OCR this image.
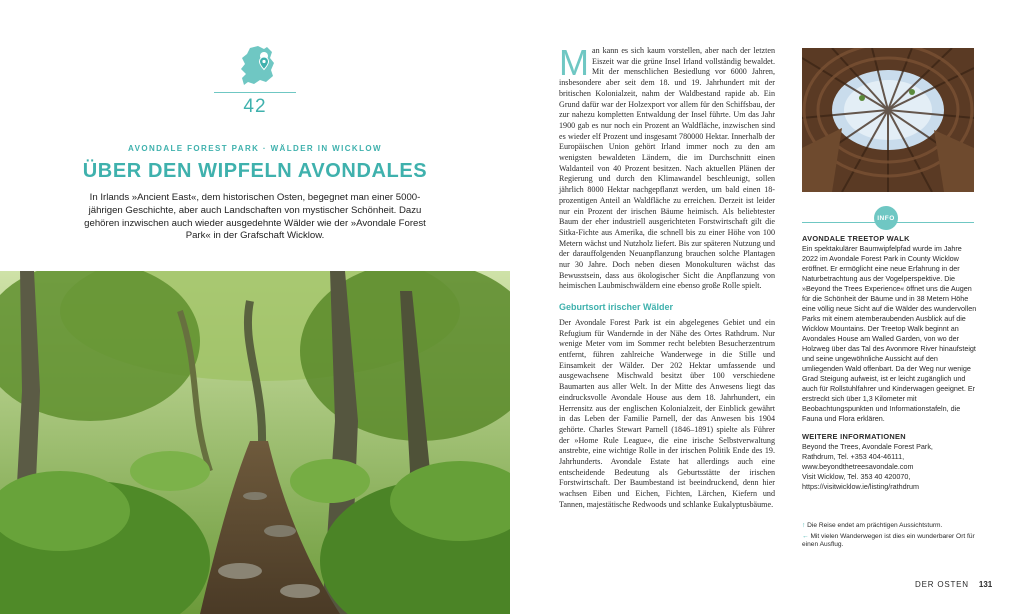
42
AVONDALE FOREST PARK · WÄLDER IN WICKLOW
ÜBER DEN WIPFELN AVONDALES
In Irlands »Ancient East«, dem historischen Osten, begegnet man einer 5000-jährigen Geschichte, aber auch Landschaften von mystischer Schönheit. Dazu gehören inzwischen auch wieder ausgedehnte Wälder wie der »Avondale Forest Park« in der Grafschaft Wicklow.

Man kann es sich kaum vorstellen, aber nach der letzten Eiszeit war die grüne Insel Irland vollständig bewaldet. Mit der menschlichen Besiedlung vor 6000 Jahren, insbesondere aber seit dem 18. und 19. Jahrhundert mit der britischen Kolonialzeit, nahm der Waldbestand rapide ab. Ein Grund dafür war der Holzexport vor allem für den Schiffsbau, der zur nahezu kompletten Entwaldung der Insel führte. Um das Jahr 1900 gab es nur noch ein Prozent an Waldfläche, inzwischen sind es wieder elf Prozent und insgesamt 780000 Hektar. Innerhalb der Europäischen Union gehört Irland immer noch zu den am wenigsten bewaldeten Ländern, die im Durchschnitt einen Waldanteil von 40 Prozent besitzen. Nach aktuellen Plänen der Regierung und durch den Klimawandel beschleunigt, sollen jährlich 8000 Hektar nachgepflanzt werden, um bald einen 18-prozentigen Anteil an Waldfläche zu erreichen. Derzeit ist leider nur ein Prozent der irischen Bäume heimisch. Als beliebtester Baum der eher industriell ausgerichteten Forstwirtschaft gilt die Sitka-Fichte aus Amerika, die schnell bis zu einer Höhe von 100 Metern wächst und Nutzholz liefert. Bis zur späteren Nutzung und der darauffolgenden Neuanpflanzung brauchen solche Plantagen nur 30 Jahre. Doch neben diesen Monokulturen wächst das Bewusstsein, dass aus ökologischer Sicht die Anpflanzung von heimischen Laubmischwäldern eine ebenso große Rolle spielt.

Geburtsort irischer Wälder

Der Avondale Forest Park ist ein abgelegenes Gebiet und ein Refugium für Wandernde in der Nähe des Ortes Rathdrum. Nur wenige Meter vom im Sommer recht belebten Besucherzentrum entfernt, führen zahlreiche Wanderwege in die Stille und Einsamkeit der Wälder. Der 202 Hektar umfassende und ausgewachsene Mischwald besitzt über 100 verschiedene Baumarten aus aller Welt. In der Mitte des Anwesens liegt das eindrucksvolle Avondale House aus dem 18. Jahrhundert, ein Herrensitz aus der englischen Kolonialzeit, der Einblick gewährt in das Leben der Familie Parnell, der das Anwesen bis 1904 gehörte. Charles Stewart Parnell (1846–1891) spielte als Führer der »Home Rule League«, die eine irische Selbstverwaltung anstrebte, eine wichtige Rolle in der irischen Politik Ende des 19. Jahrhunderts. Avondale Estate hat allerdings auch eine entscheidende Bedeutung als Geburtsstätte der irischen Forstwirtschaft. Der Baumbestand ist beeindruckend, denn hier wachsen Eiben und Eichen, Fichten, Lärchen, Kiefern und Tannen, majestätische Redwoods und schlanke Eukalyptusbäume.

INFO

AVONDALE TREETOP WALK

Ein spektakulärer Baumwipfelpfad wurde im Jahre 2022 im Avondale Forest Park in County Wicklow eröffnet. Er ermöglicht eine neue Erfahrung in der Naturbetrachtung aus der Vogelperspektive. Die »Beyond the Trees Experience« öffnet uns die Augen für die Schönheit der Bäume und in 38 Metern Höhe eine völlig neue Sicht auf die Wälder des wundervollen Parks mit einem atemberaubenden Ausblick auf die Wicklow Mountains. Der Treetop Walk beginnt an Avondales House am Walled Garden, von wo der Holzweg über das Tal des Avonmore River hinaufsteigt und seine ungewöhnliche Aussicht auf den umliegenden Wald offenbart. Da der Weg nur wenige Grad Steigung aufweist, ist er leicht zugänglich und auch für Rollstuhlfahrer und Kinderwagen geeignet. Er erstreckt sich über 1,3 Kilometer mit Beobachtungspunkten und Informationstafeln, die Fauna und Flora erklären.

WEITERE INFORMATIONEN

Beyond the Trees, Avondale Forest Park,

Rathdrum, Tel. +353 404-46111,

www.beyondthetreesavondale.com

Visit Wicklow, Tel. 353 40 420070,

https://visitwicklow.ie/listing/rathdrum

↑ Die Reise endet am prächtigen Aussichtsturm.

← Mit vielen Wanderwegen ist dies ein wunderbarer Ort für einen Ausflug.

DER OSTEN 131
